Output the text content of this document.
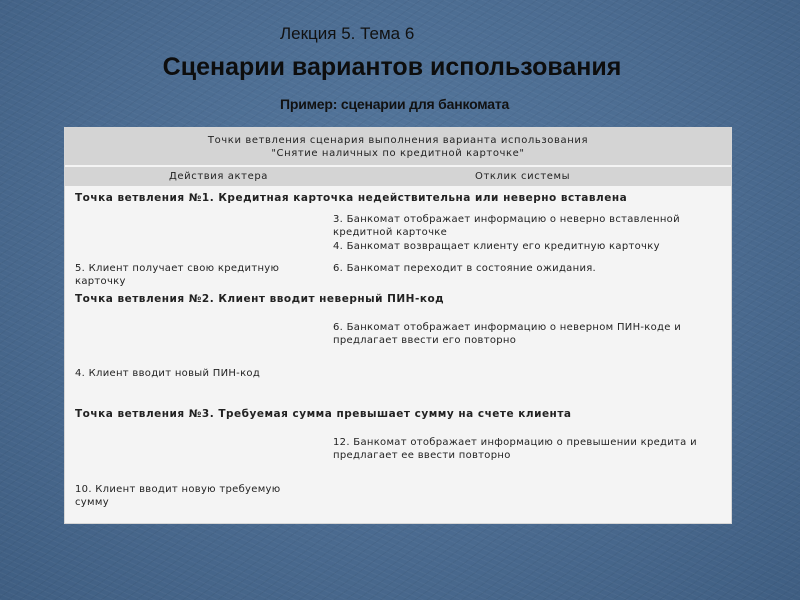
Лекция 5. Тема 6
Сценарии вариантов использования
Пример: сценарии для банкомата
Точки ветвления сценария выполнения варианта использования
"Снятие наличных по кредитной карточке"
Действия актера	Отклик системы
Точка ветвления №1. Кредитная карточка недействительна или неверно вставлена
3. Банкомат отображает информацию о неверно вставленной
кредитной карточке
4. Банкомат возвращает клиенту его кредитную карточку
5. Клиент получает свою кредитную
карточку
6. Банкомат переходит в состояние ожидания.
Точка ветвления №2. Клиент вводит неверный ПИН-код
6. Банкомат отображает информацию о неверном ПИН-коде и
предлагает ввести его повторно
4. Клиент вводит новый ПИН-код
Точка ветвления №3. Требуемая сумма превышает сумму на счете клиента
12. Банкомат отображает информацию о превышении кредита и
предлагает ее ввести повторно
10. Клиент вводит новую требуемую
сумму
